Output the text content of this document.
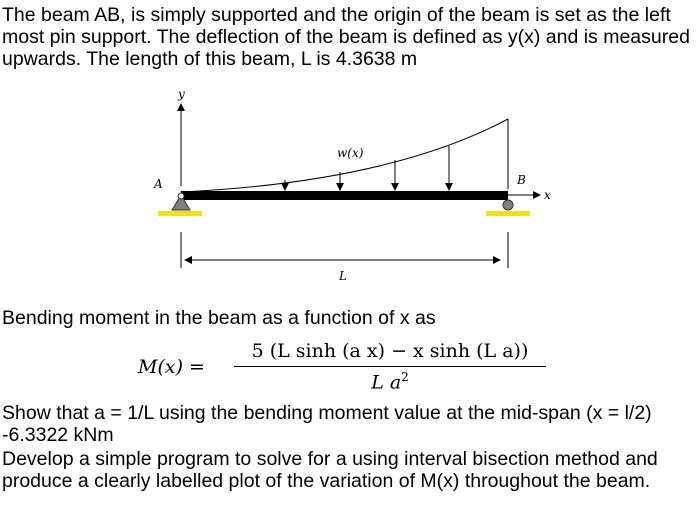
The beam AB, is simply supported and the origin of the beam is set as the left most pin support. The deflection of the beam is defined as y(x) and is measured upwards. The length of this beam, L is 4.3638 m

y
w(x)
A	B
x
L

Bending moment in the beam as a function of x as

$M(x) = \frac{\text{5 (L sinh (a x) − x sinh (L a))}}{L a^2}$

Show that a = 1/L using the bending moment value at the mid-span (x = l/2) -6.3322 kNm

Develop a simple program to solve for a using interval bisection method and produce a clearly labelled plot of the variation of M(x) throughout the beam.
